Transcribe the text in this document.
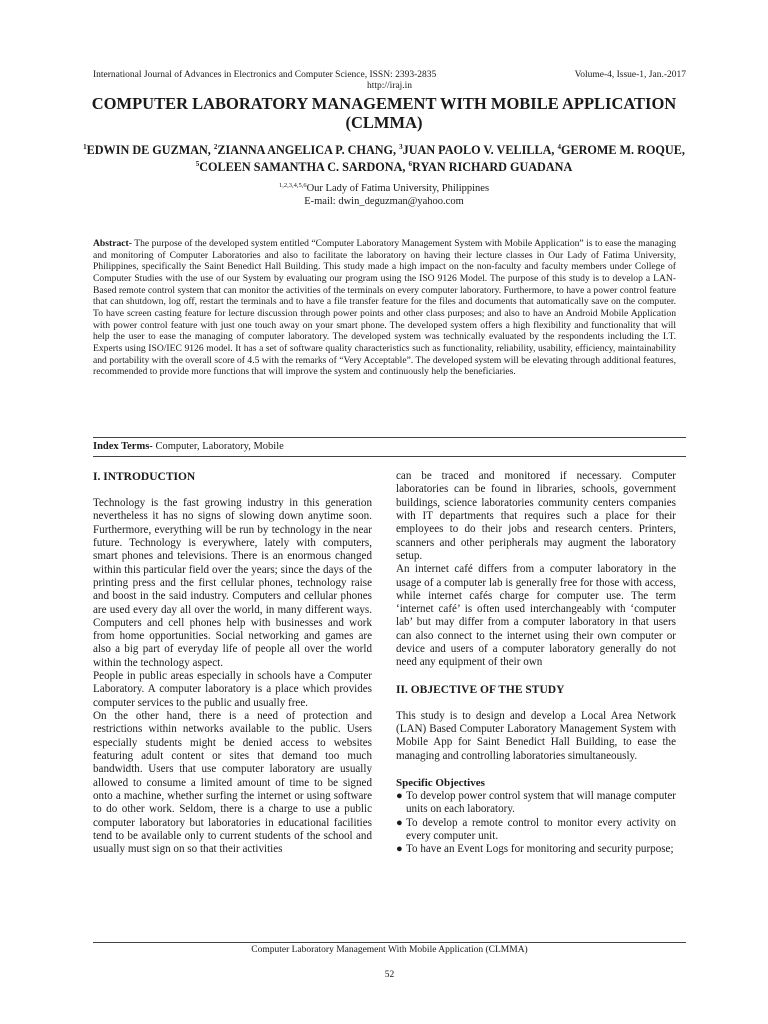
International Journal of Advances in Electronics and Computer Science, ISSN: 2393-2835	Volume-4, Issue-1, Jan.-2017
http://iraj.in
COMPUTER LABORATORY MANAGEMENT WITH MOBILE APPLICATION (CLMMA)

$^1$EDWIN DE GUZMAN, $^2$ZIANNA ANGELICA P. CHANG, $^3$JUAN PAOLO V. VELILLA, $^4$GEROME M. ROQUE, $^5$COLEEN SAMANTHA C. SARDONA, $^6$RYAN RICHARD GUADANA

$^{1,2,3,4,5,6}$Our Lady of Fatima University, Philippines
E-mail: dwin_deguzman@yahoo.com

Abstract- The purpose of the developed system entitled “Computer Laboratory Management System with Mobile Application” is to ease the managing and monitoring of Computer Laboratories and also to facilitate the laboratory on having their lecture classes in Our Lady of Fatima University, Philippines, specifically the Saint Benedict Hall Building. This study made a high impact on the non-faculty and faculty members under College of Computer Studies with the use of our System by evaluating our program using the ISO 9126 Model. The purpose of this study is to develop a LAN-Based remote control system that can monitor the activities of the terminals on every computer laboratory. Furthermore, to have a power control feature that can shutdown, log off, restart the terminals and to have a file transfer feature for the files and documents that automatically save on the computer. To have screen casting feature for lecture discussion through power points and other class purposes; and also to have an Android Mobile Application with power control feature with just one touch away on your smart phone. The developed system offers a high flexibility and functionality that will help the user to ease the managing of computer laboratory. The developed system was technically evaluated by the respondents including the I.T. Experts using ISO/IEC 9126 model. It has a set of software quality characteristics such as functionality, reliability, usability, efficiency, maintainability and portability with the overall score of 4.5 with the remarks of “Very Acceptable”. The developed system will be elevating through additional features, recommended to provide more functions that will improve the system and continuously help the beneficiaries.

Index Terms- Computer, Laboratory, Mobile
I. INTRODUCTION

Technology is the fast growing industry in this generation nevertheless it has no signs of slowing down anytime soon. Furthermore, everything will be run by technology in the near future. Technology is everywhere, lately with computers, smart phones and televisions. There is an enormous changed within this particular field over the years; since the days of the printing press and the first cellular phones, technology raise and boost in the said industry. Computers and cellular phones are used every day all over the world, in many different ways. Computers and cell phones help with businesses and work from home opportunities. Social networking and games are also a big part of everyday life of people all over the world within the technology aspect.

People in public areas especially in schools have a Computer Laboratory. A computer laboratory is a place which provides computer services to the public and usually free.

On the other hand, there is a need of protection and restrictions within networks available to the public. Users especially students might be denied access to websites featuring adult content or sites that demand too much bandwidth. Users that use computer laboratory are usually allowed to consume a limited amount of time to be signed onto a machine, whether surfing the internet or using software to do other work. Seldom, there is a charge to use a public computer laboratory but laboratories in educational facilities tend to be available only to current students of the school and usually must sign on so that their activities

can be traced and monitored if necessary. Computer laboratories can be found in libraries, schools, government buildings, science laboratories community centers companies with IT departments that requires such a place for their employees to do their jobs and research centers. Printers, scanners and other peripherals may augment the laboratory setup.

An internet café differs from a computer laboratory in the usage of a computer lab is generally free for those with access, while internet cafés charge for computer use. The term ‘internet café’ is often used interchangeably with ‘computer lab’ but may differ from a computer laboratory in that users can also connect to the internet using their own computer or device and users of a computer laboratory generally do not need any equipment of their own

II. OBJECTIVE OF THE STUDY

This study is to design and develop a Local Area Network (LAN) Based Computer Laboratory Management System with Mobile App for Saint Benedict Hall Building, to ease the managing and controlling laboratories simultaneously.

Specific Objectives
● To develop power control system that will manage computer units on each laboratory.
● To develop a remote control to monitor every activity on every computer unit.
● To have an Event Logs for monitoring and security purpose;
Computer Laboratory Management With Mobile Application (CLMMA)
52
